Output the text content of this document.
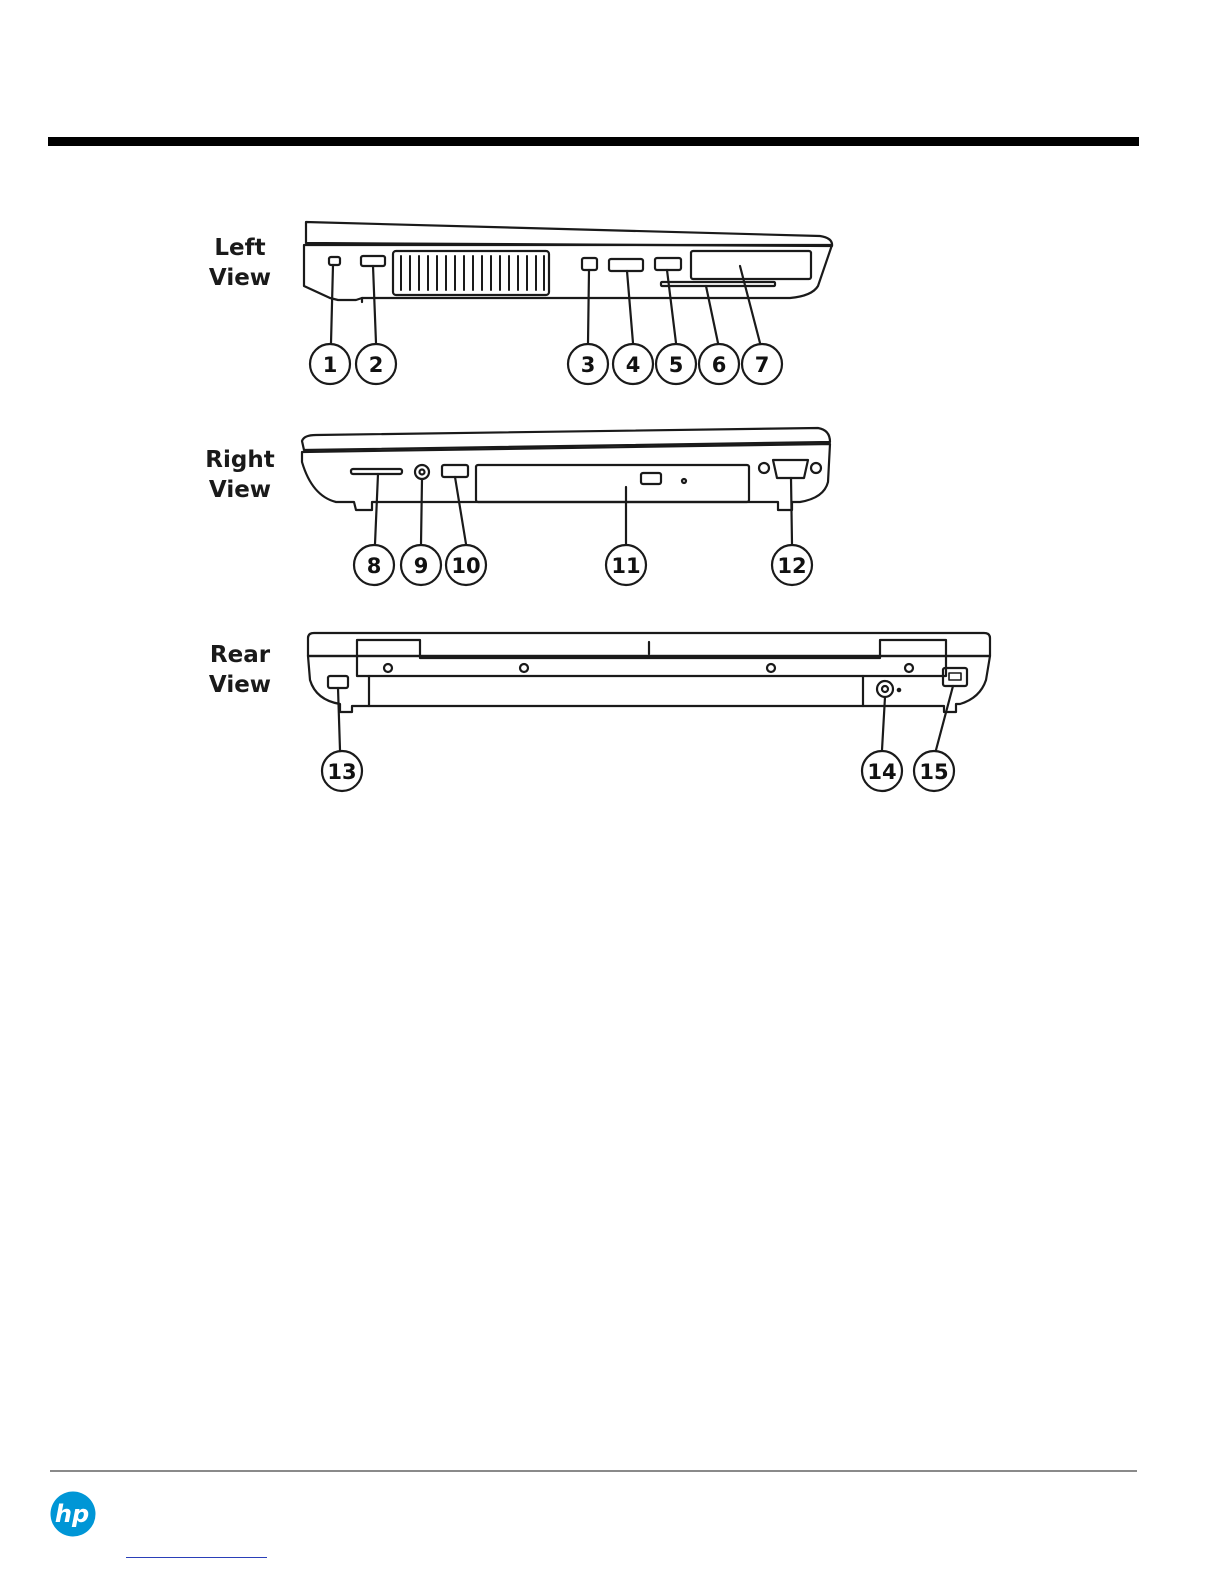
Left
View
Right
View
Rear
View
1 2	3 4 5 6 7
8 9 10	11	12
13	14 15
hp
